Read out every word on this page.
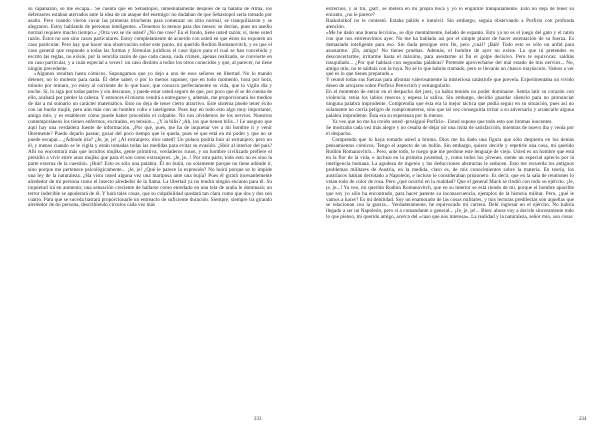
su capanazón, se me escapa... Se cuenta que en Sebastopol, inmediatamente después de la batalla de Alma, los defensores estaban aterrados ante la idea de un ataque del enemigo: no dudaban de que Sebastopol sería tomado por asalto. Pero cuando vieron cavar las primeras trincheras para comenzar un sitio normal, se tranquilizaron y se alegraron. Estoy hablando de personas inteligentes. «Tenemos lo menos para dos meses: se decían, pues un asedio normal requiere mucho tiempo.» ¿Otra vez se ríe usted? ¿No me cree? En el fondo, tiene usted razón; sí, tiene usted razón. Éstos no son sino casos particulares. Estoy completamente de acuerdo con usted en que éstos no exponen un caso particular. Pero hay que hacer una observación sobre este punto, mi querido Rodión Romanovitch, y es que el caso general que responde a todas las formas y fórmulas jurídicas el caso típico para el cual se han concebido y escrito las reglas, no existe, por la sencilla razón de que cada causa, cada crimen, apenas realizado, se convierte en un caso particular, y a cuán especial a veces!: un caso distinto a todos los otros conocidos y que, al parecer, no tiene ningún precedente.

«Algunos resultan hasta cómicos. Supongamos que yo dejo a uno de esos señores en libertad. No lo mando detener, no lo molesto para nada. Él debe saber, o por lo menos suponer, que en todo momento, hora por hora, minuto por minuto, yo estoy al corriente de lo que hace, que conozco perfectamente su vida, que lo vigilo día y noche. Sí, lo sigo por todas partes y sin descanso, y puede estar usted seguro de que, por poco que él se dé cuenta de ello, acabará por perder la cabeza. Y entonces él mismo vendrá a entregarse y, además, me proporcionará los medios de dar a mi sumario un carácter matemático. Esto no deja de tener cierto atractivo. Este sistema puede tener éxito con un burdo mujik, pero aún más con un hombre culto e inteligente. Pues hay en todo esto algo muy importante, amigo mío, y es establecer cómo puede haber procedido el culpable. No nos olvidemos de los nervios. Nuestros contemporáneos los tienen enfermos, excitados, en tensión... ¿Y la bilis? ¡Ah, los que tienen bilis...! Le aseguro que aquí hay una verdadera fuente de información. ¿Por qué, pues, me ha de inquietar ver a mi hombre ir y venir libremente? Puedo dejarlo pasear, gozar del poco tiempo que le queda, pues sé que está en mi poder y que no se puede escapar... ¿Adónde iría? ¿Je, je, je! ¿Al extranjero, dice usted? Un polaco podría huir al extranjero, pero no él, y menos cuando se le vigila y están tomadas todas las medidas para evitar su evasión. ¿Huir al interior del país? Allí no encontrará más que incultos mujiks, gente primitiva, verdaderos rusos, y un hombre civilizado prefiere el presidio a vivir entre unos mujiks que para él son como extranjeros. ¡Je, je...! Por otra parte, todo esto no es sino la parte externa de la cuestión. ¡Huir! Esto es sólo una palabra. Él no huirá, no solamente porque no tiene adónde ir, sino porque me pertenece psicológicamente... ¡Je, je! ¿Qué le parece la expresión? No huirá porque se lo impide una ley de la naturaleza. ¿Ha visto usted alguna vez una mariposa ante una bujía? Pues él girará incesantemente alrededor de mi persona como el insecto alrededor de la llama. La libertad ya no tendrá ningún encanto para él. Su inquietud irá en aumento; una sensación creciente de hallarse como enredado en una tela de araña le dominará; un terror indecible se apoderará de él. Y hará tales cosas, que su culpabilidad quedará tan clara como que dos y dos son cuatro. Para que se suceda bastará proporcionarle un entreacto de suficiente duración. Siempre, siempre irá girando alrededor de mi persona, describiendo círculos cada vez más

233

estrechos, y al fin, ¡paf!, se meterá en mi propia boca y yo lo engulliré tranquilamente. Esto no deja de tener su encanto, ¿no le parece?

Raskolnikof no le contestó. Estaba pálido e inmóvil. Sin embargo, seguía observando a Porfirio con profunda atención.

«Me he dado una buena lección», se dijo mentalmente, helado de espanto. Esto ya no es el juego del gato y el ratón con que nos entretuvimos ayer. No me ha hablado así por el simple placer de hacer ostentación de su fuerza. Es demasiado inteligente para eso. Sin duda persigue otro fin, pero ¿cuál? ¡Bah! Todo esto es sólo un ardid para asustarme. ¡Eh, amigo! No tienes pruebas. Además, el hombre de ayer no existe. Lo que tú pretendes es desconcertarme, irritarme hasta el máximo, para asestarme al fin el golpe decisivo. Pero te equivocas: saldrás trasquilado... ¿Por qué hablará con segundas palabras? Pretende aprovecharse del mal estado de mis nervios... No, amigo mío, no te saldrás con la tuya. No sé lo que habrás tramado, pero te llevarás un chasco mayúsculo. Vamos a ver qué es lo que tienes preparado.»

Y reunió todas sus fuerzas para afrontar valerosamente la misteriosa catástrofe que preveía. Experimentaba un vivido deseo de arrojarse sobre Porfirio Petrovitch y estrangularlo.

En el momento de entrar en el despacho del juez, ya había temido no poder dominarse. Sentía latir su corazón con violencia; tenía los labios resecos y espesa la saliva. Sin embargo, decidió guardar silencio para no pronunciar ninguna palabra imprudente. Comprendía que ésta era la mejor táctica que podía seguir en su situación, pues así no solamente no corría peligro de comprometerse, sino que tal vez conseguiría irritar a su adversario y arrancarle alguna palabra imprudente. Ésta era su esperanza por lo menos.

Ya veo que no me ha creído usted -prosiguió Porfirio-. Usted supone que todo esto son bromas inocentes.

Se mostraba cada vez más alegre y no cesaba de dejar oír una risita de satisfacción, mientras de nuevo iba y venía por el despacho.

Comprendo que lo haya tomado usted a broma. Dios me ha dado una figura que sólo despierta en los demás pensamientos cómicos. Tengo el aspecto de un bufón. Sin embargo, quiero decirle y repetirle una cosa, mi querido Rodión Romanovitch... Pero, ante todo, le ruego que me perdone este lenguaje de viejo. Usted es un hombre que está en la flor de la vida, e incluso en la primera juventud, y, como todos los jóvenes, siente un especial aprecio por la inteligencia humana. La agudeza de ingenio y las deducciones abstractas le seducen. Esto me recuerda los antiguos problemas militares de Austria, en la medida, claro es, de mis conocimientos sobre la materia. En teoría, los austríacos habían derrotado a Napoleón, e incluso le consideraban prisionero. Es decir, que en la sala de reuniones lo veían todo de color de rosa. Pero ¿qué ocurrió en la realidad? Que el general Mack se rindió con todo su ejército. ¡Je, je, je...! Ya veo, mi querido Rodión Romanovitch, que en su interior se está riendo de mí, porque el hombre apacible que soy yo sólo ha encontrado, para hacer patente su inconsecuencia, ejemplos de la historia militar. Pero, ¿qué le vamos a hacer? Es mi debilidad. Soy un enamorado de las cosas militares, y mis lecturas predilectas son aquellas que se relacionan con la guerra... Verdaderamente, he equivocado mi carrera. Debí ingresar en el ejército. No habría llegado a ser un Napoleón, pero sí a comandante o general... ¡Je, je, je!... Bien: ahora voy a decirle sinceramente todo lo que pienso, mi querido amigo, acerca del «caso que nos interesa». La realidad y la naturaleza, señor mío, son cosas

234
